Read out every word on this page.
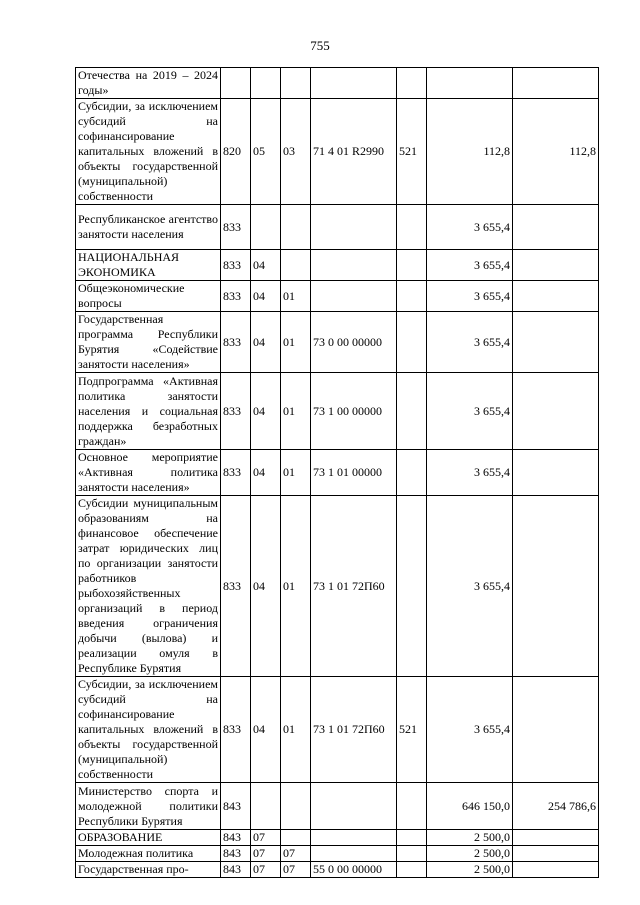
755
Отечества на 2019 – 2024 годы»							
Субсидии, за исключением субсидий на софинансирование капитальных вложений в объекты государственной (муниципальной) собственности	820	05	03	71 4 01 R2990	521	112,8	112,8
Республиканское агентство занятости населения	833					3 655,4	
НАЦИОНАЛЬНАЯ ЭКОНОМИКА	833	04				3 655,4	
Общеэкономические вопросы	833	04	01			3 655,4	
Государственная программа Республики Бурятия «Содействие занятости населения»	833	04	01	73 0 00 00000		3 655,4	
Подпрограмма «Активная политика занятости населения и социальная поддержка безработных граждан»	833	04	01	73 1 00 00000		3 655,4	
Основное мероприятие «Активная политика занятости населения»	833	04	01	73 1 01 00000		3 655,4	
Субсидии муниципальным образованиям на финансовое обеспечение затрат юридических лиц по организации занятости работников рыбохозяйственных организаций в период введения ограничения добычи (вылова) и реализации омуля в Республике Бурятия	833	04	01	73 1 01 72П60		3 655,4	
Субсидии, за исключением субсидий на софинансирование капитальных вложений в объекты государственной (муниципальной) собственности	833	04	01	73 1 01 72П60	521	3 655,4	
Министерство спорта и молодежной политики Республики Бурятия	843					646 150,0	254 786,6
ОБРАЗОВАНИЕ	843	07				2 500,0	
Молодежная политика	843	07	07			2 500,0	
Государственная про-	843	07	07	55 0 00 00000		2 500,0	
